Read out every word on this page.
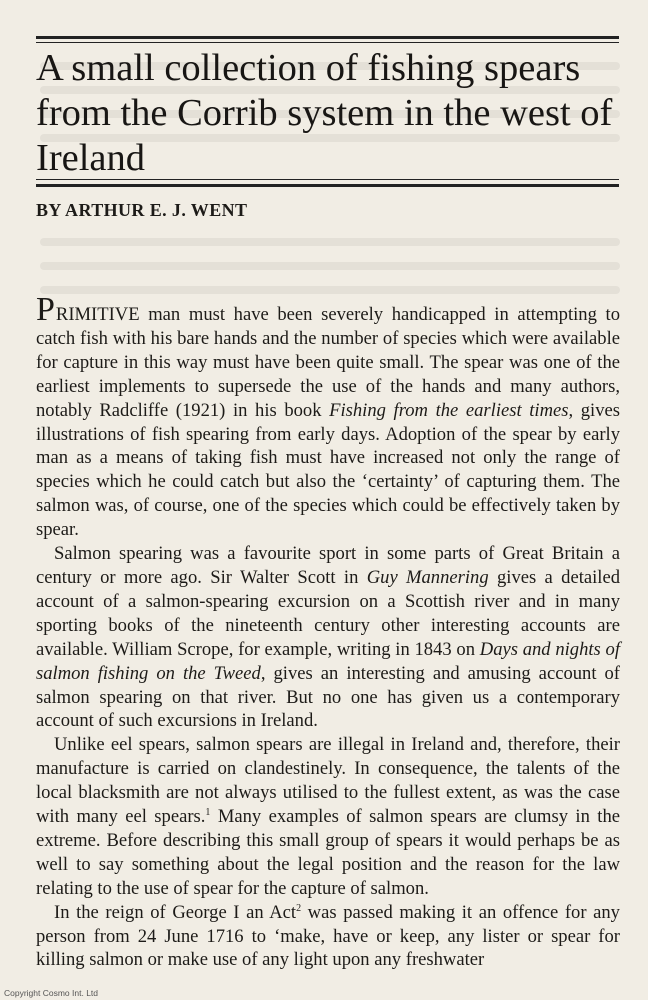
A small collection of fishing spears from the Corrib system in the west of Ireland
BY ARTHUR E. J. WENT

PRIMITIVE man must have been severely handicapped in attempting to catch fish with his bare hands and the number of species which were available for capture in this way must have been quite small. The spear was one of the earliest implements to supersede the use of the hands and many authors, notably Radcliffe (1921) in his book Fishing from the earliest times, gives illustrations of fish spearing from early days. Adoption of the spear by early man as a means of taking fish must have increased not only the range of species which he could catch but also the ‘certainty’ of capturing them. The salmon was, of course, one of the species which could be effectively taken by spear.

Salmon spearing was a favourite sport in some parts of Great Britain a century or more ago. Sir Walter Scott in Guy Mannering gives a detailed account of a salmon-spearing excursion on a Scottish river and in many sporting books of the nineteenth century other interesting accounts are available. William Scrope, for example, writing in 1843 on Days and nights of salmon fishing on the Tweed, gives an interesting and amusing account of salmon spearing on that river. But no one has given us a contemporary account of such excursions in Ireland.

Unlike eel spears, salmon spears are illegal in Ireland and, therefore, their manufacture is carried on clandestinely. In consequence, the talents of the local blacksmith are not always utilised to the fullest extent, as was the case with many eel spears.$^1$ Many examples of salmon spears are clumsy in the extreme. Before describing this small group of spears it would perhaps be as well to say something about the legal position and the reason for the law relating to the use of spear for the capture of salmon.

In the reign of George I an Act$^2$ was passed making it an offence for any person from 24 June 1716 to ‘make, have or keep, any lister or spear for killing salmon or make use of any light upon any freshwater

Copyright Cosmo Int. Ltd
